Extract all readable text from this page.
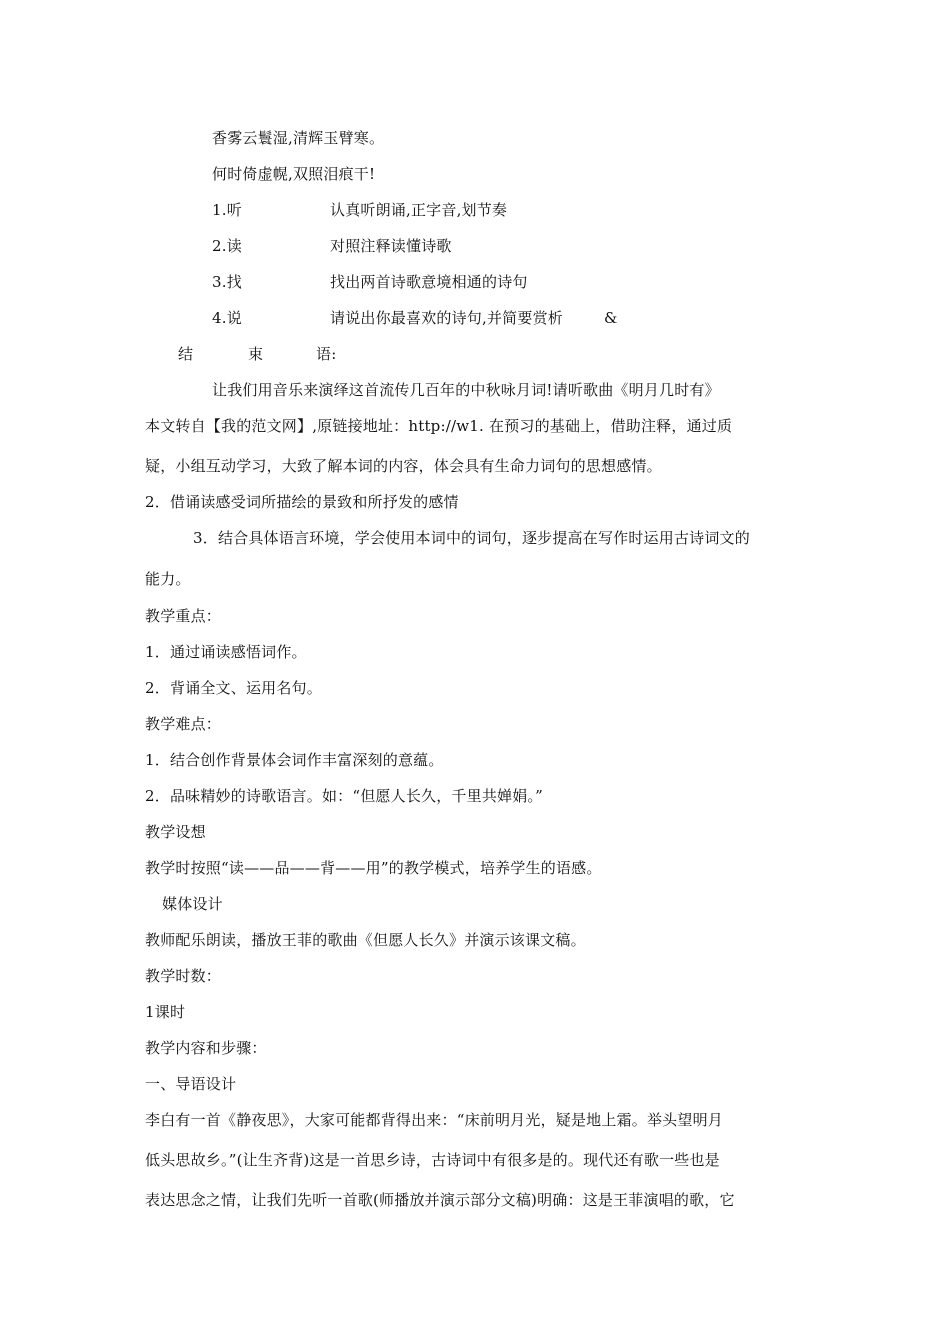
香雾云鬟湿,清辉玉臂寒。
何时倚虚幌,双照泪痕干!
1.听	认真听朗诵,正字音,划节奏
2.读	对照注释读懂诗歌
3.找	找出两首诗歌意境相通的诗句
4.说	请说出你最喜欢的诗句,并简要赏析	&
结	束	语:
让我们用音乐来演绎这首流传几百年的中秋咏月词!请听歌曲《明月几时有》
本文转自【我的范文网】,原链接地址：http://w1. 在预习的基础上，借助注释，通过质
疑，小组互动学习，大致了解本词的内容，体会具有生命力词句的思想感情。
2．借诵读感受词所描绘的景致和所抒发的感情
3．结合具体语言环境，学会使用本词中的词句，逐步提高在写作时运用古诗词文的
能力。
教学重点：
1．通过诵读感悟词作。
2．背诵全文、运用名句。
教学难点：
1．结合创作背景体会词作丰富深刻的意蕴。
2．品味精妙的诗歌语言。如：“但愿人长久，千里共婵娟。”
教学设想
教学时按照“读——品——背——用”的教学模式，培养学生的语感。
媒体设计
教师配乐朗读，播放王菲的歌曲《但愿人长久》并演示该课文稿。
教学时数：
1课时
教学内容和步骤：
一、导语设计
李白有一首《静夜思》，大家可能都背得出来：“床前明月光，疑是地上霜。举头望明月
低头思故乡。”(让生齐背)这是一首思乡诗，古诗词中有很多是的。现代还有歌一些也是
表达思念之情，让我们先听一首歌(师播放并演示部分文稿)明确：这是王菲演唱的歌，它
